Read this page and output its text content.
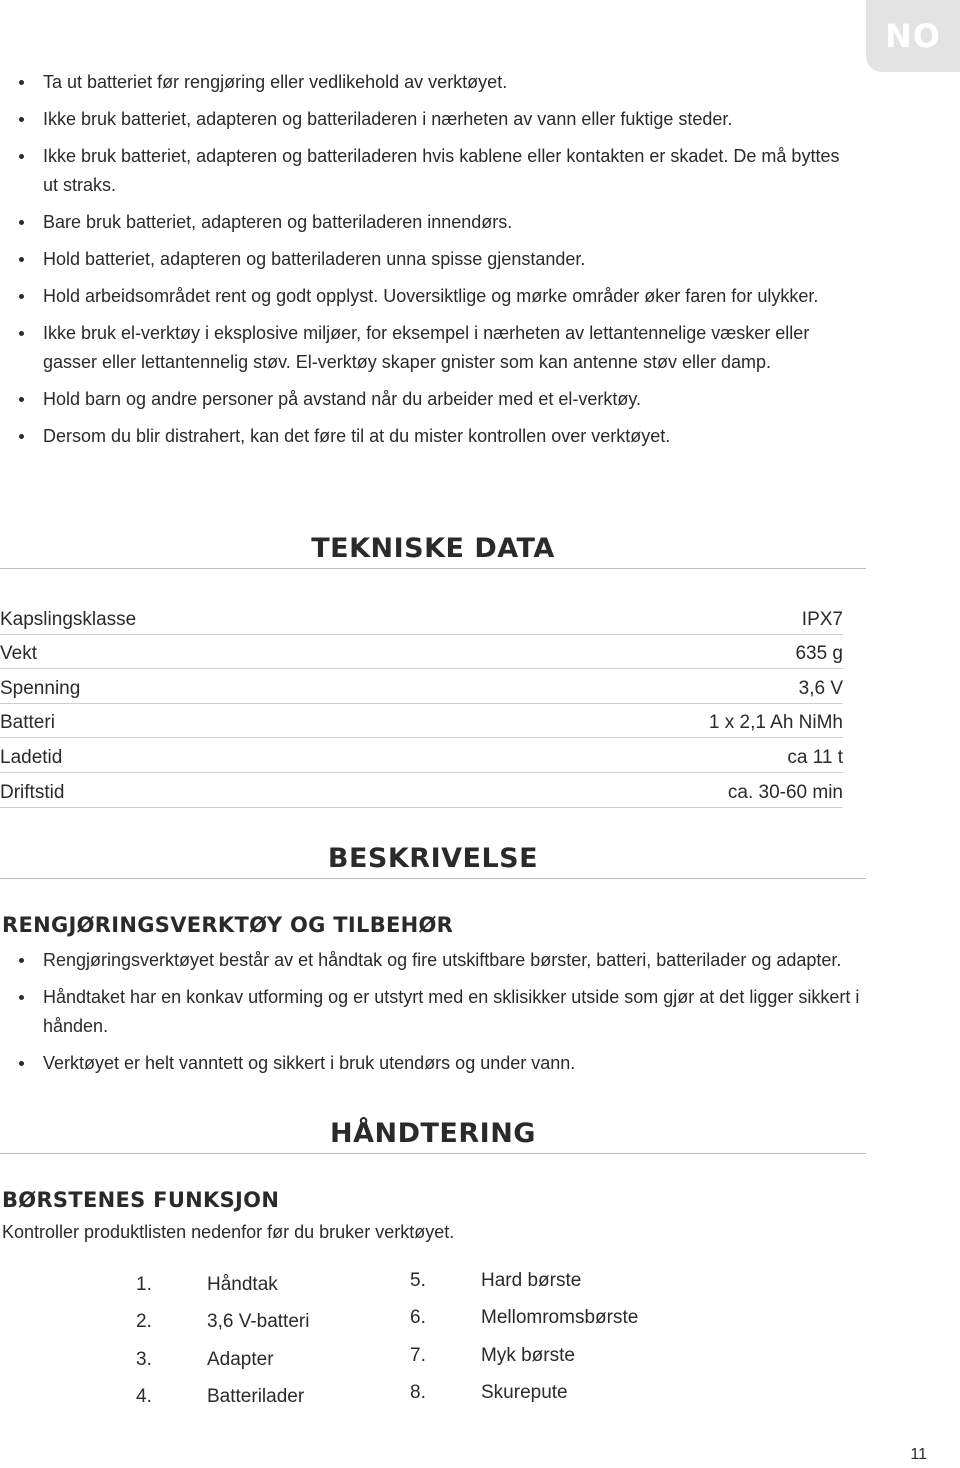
NO
Ta ut batteriet før rengjøring eller vedlikehold av verktøyet.
Ikke bruk batteriet, adapteren og batteriladeren i nærheten av vann eller fuktige steder.
Ikke bruk batteriet, adapteren og batteriladeren hvis kablene eller kontakten er skadet. De må byttes ut straks.
Bare bruk batteriet, adapteren og batteriladeren innendørs.
Hold batteriet, adapteren og batteriladeren unna spisse gjenstander.
Hold arbeidsområdet rent og godt opplyst. Uoversiktlige og mørke områder øker faren for ulykker.
Ikke bruk el-verktøy i eksplosive miljøer, for eksempel i nærheten av lettantennelige væsker eller gasser eller lettantennelig støv. El-verktøy skaper gnister som kan antenne støv eller damp.
Hold barn og andre personer på avstand når du arbeider med et el-verktøy.
Dersom du blir distrahert, kan det føre til at du mister kontrollen over verktøyet.
TEKNISKE DATA
Kapslingsklasse	IPX7
Vekt	635 g
Spenning	3,6 V
Batteri	1 x 2,1 Ah NiMh
Ladetid	ca 11 t
Driftstid	ca. 30-60 min
BESKRIVELSE
RENGJØRINGSVERKTØY OG TILBEHØR
Rengjøringsverktøyet består av et håndtak og fire utskiftbare børster, batteri, batterilader og adapter.
Håndtaket har en konkav utforming og er utstyrt med en sklisikker utside som gjør at det ligger sikkert i hånden.
Verktøyet er helt vanntett og sikkert i bruk utendørs og under vann.
HÅNDTERING
BØRSTENES FUNKSJON
Kontroller produktlisten nedenfor før du bruker verktøyet.
1.	Håndtak
2.	3,6 V-batteri
3.	Adapter
4.	Batterilader
5.	Hard børste
6.	Mellomromsbørste
7.	Myk børste
8.	Skurepute
11
